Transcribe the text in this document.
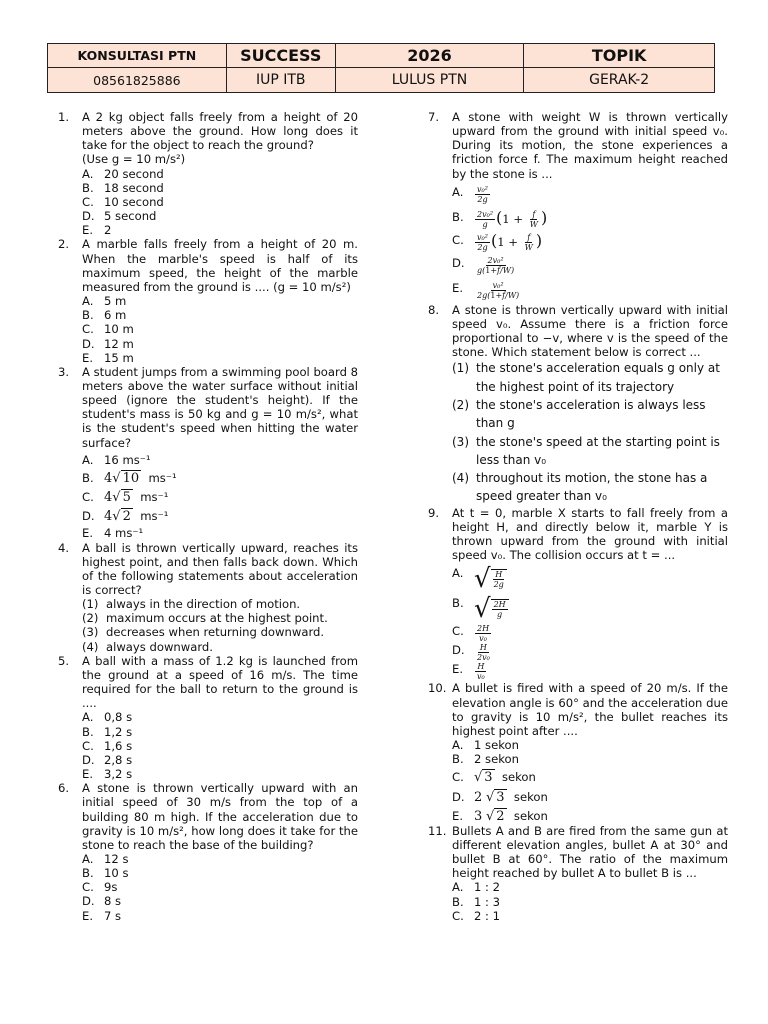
KONSULTASI PTN	SUCCESS	2026	TOPIK
08561825886	IUP ITB	LULUS PTN	GERAK-2
1. A 2 kg object falls freely from a height of 20 meters above the ground. How long does it take for the object to reach the ground?
(Use g = 10 m/s²)
A. 20 second
B. 18 second
C. 10 second
D. 5 second
E. 2
2. A marble falls freely from a height of 20 m. When the marble's speed is half of its maximum speed, the height of the marble measured from the ground is .... (g = 10 m/s²)
A. 5 m
B. 6 m
C. 10 m
D. 12 m
E. 15 m
3. A student jumps from a swimming pool board 8 meters above the water surface without initial speed (ignore the student's height). If the student's mass is 50 kg and g = 10 m/s², what is the student's speed when hitting the water surface?
A. 16 ms⁻¹
B. 4√ 10 ms⁻¹
C. 4√ 5 ms⁻¹
D. 4√ 2 ms⁻¹
E. 4 ms⁻¹
4. A ball is thrown vertically upward, reaches its highest point, and then falls back down. Which of the following statements about acceleration is correct?
(1) always in the direction of motion.
(2) maximum occurs at the highest point.
(3) decreases when returning downward.
(4) always downward.
5. A ball with a mass of 1.2 kg is launched from the ground at a speed of 16 m/s. The time required for the ball to return to the ground is ....
A. 0,8 s
B. 1,2 s
C. 1,6 s
D. 2,8 s
E. 3,2 s
6. A stone is thrown vertically upward with an initial speed of 30 m/s from the top of a building 80 m high. If the acceleration due to gravity is 10 m/s², how long does it take for the stone to reach the base of the building?
A. 12 s
B. 10 s
C. 9s
D. 8 s
E. 7 s
7. A stone with weight W is thrown vertically upward from the ground with initial speed v₀. During its motion, the stone experiences a friction force f. The maximum height reached by the stone is ...
A. $\frac{\text{v₀²}}{2g}$
B. $\frac{\text{2v₀²}}{g} (1 + \frac{f}{W}$ )
C. $\frac{\text{v₀²}}{2g} (1 + \frac{f}{W}$ )
D. $\frac{\text{2v₀²}}{g(1+f/W)}$
E. $\frac{\text{v₀²}}{2g(1+f/W)}$
8. A stone is thrown vertically upward with initial speed v₀. Assume there is a friction force proportional to −v, where v is the speed of the stone. Which statement below is correct ...
(1) the stone's acceleration equals g only at the highest point of its trajectory
(2) the stone's acceleration is always less than g
(3) the stone's speed at the starting point is less than v₀
(4) throughout its motion, the stone has a speed greater than v₀
9. At t = 0, marble X starts to fall freely from a height H, and directly below it, marble Y is thrown upward from the ground with initial speed v₀. The collision occurs at t = ...
A. √ $\frac{H}{2g}$
B. √ $\frac{2H}{g}$
C. $\frac{2H}{\text{v₀}}$
D. $\frac{H}{\text{2v₀}}$
E. $\frac{H}{\text{v₀}}$
10. A bullet is fired with a speed of 20 m/s. If the elevation angle is 60° and the acceleration due to gravity is 10 m/s², the bullet reaches its highest point after ....
A. 1 sekon
B. 2 sekon
C. √ 3 sekon
D. 2 √ 3 sekon
E. 3 √ 2 sekon
11. Bullets A and B are fired from the same gun at different elevation angles, bullet A at 30° and bullet B at 60°. The ratio of the maximum height reached by bullet A to bullet B is ...
A. 1 : 2
B. 1 : 3
C. 2 : 1
